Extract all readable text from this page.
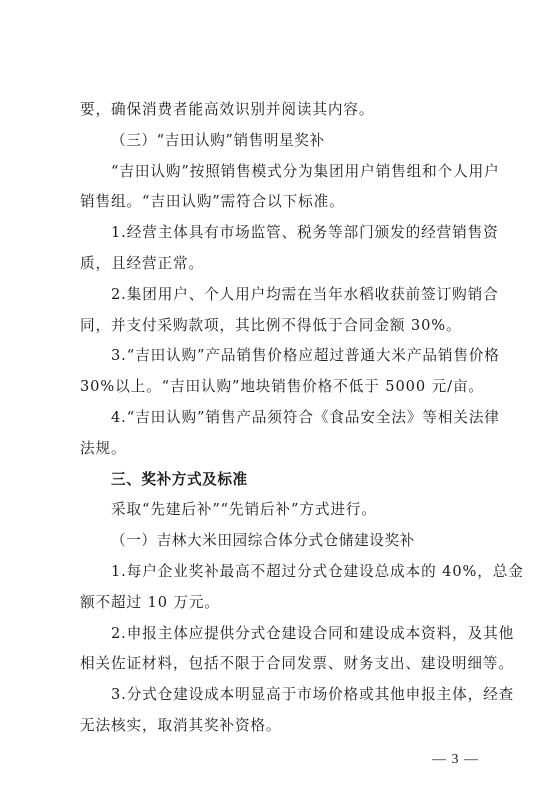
要，确保消费者能高效识别并阅读其内容。
（三）“吉田认购”销售明星奖补
“吉田认购”按照销售模式分为集团用户销售组和个人用户
销售组。“吉田认购”需符合以下标准。
1.经营主体具有市场监管、税务等部门颁发的经营销售资
质，且经营正常。
2.集团用户、个人用户均需在当年水稻收获前签订购销合
同，并支付采购款项，其比例不得低于合同金额 30%。
3.“吉田认购”产品销售价格应超过普通大米产品销售价格
30%以上。“吉田认购”地块销售价格不低于 5000 元/亩。
4.“吉田认购”销售产品须符合《食品安全法》等相关法律
法规。
三、奖补方式及标准
采取“先建后补”“先销后补”方式进行。
（一）吉林大米田园综合体分式仓储建设奖补
1.每户企业奖补最高不超过分式仓建设总成本的 40%，总金
额不超过 10 万元。
2.申报主体应提供分式仓建设合同和建设成本资料，及其他
相关佐证材料，包括不限于合同发票、财务支出、建设明细等。
3.分式仓建设成本明显高于市场价格或其他申报主体，经查
无法核实，取消其奖补资格。
— 3 —
